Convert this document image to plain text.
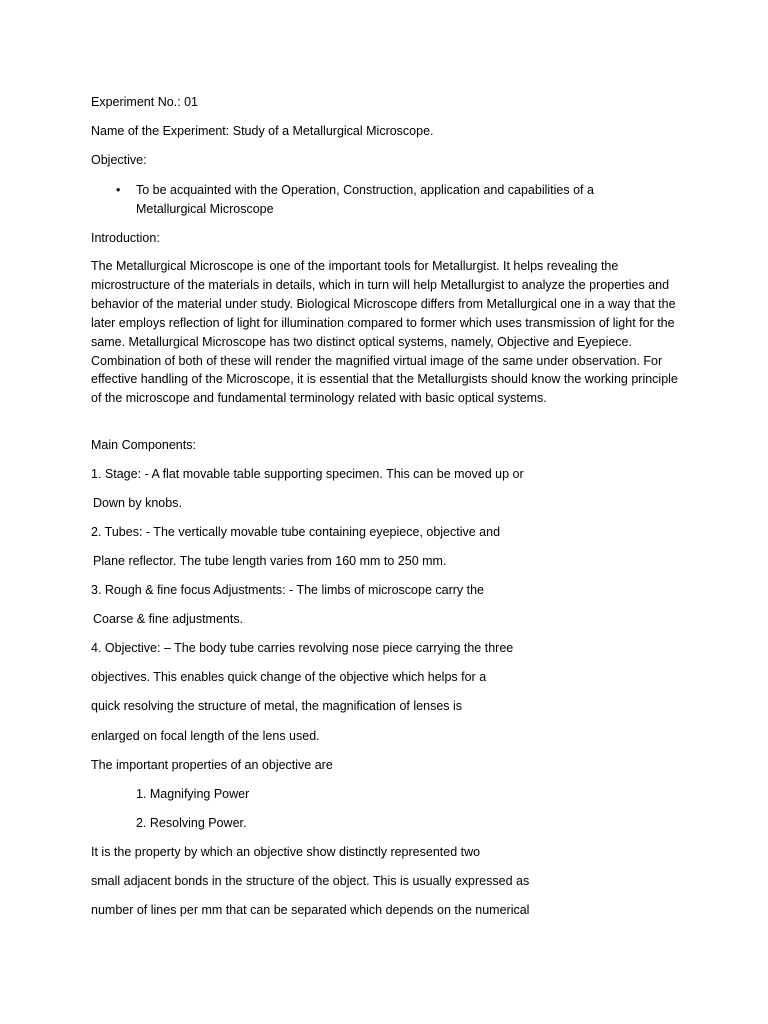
Experiment No.: 01

Name of the Experiment: Study of a Metallurgical Microscope.

Objective:

• To be acquainted with the Operation, Construction, application and capabilities of a Metallurgical Microscope

Introduction:

The Metallurgical Microscope is one of the important tools for Metallurgist. It helps revealing the microstructure of the materials in details, which in turn will help Metallurgist to analyze the properties and behavior of the material under study. Biological Microscope differs from Metallurgical one in a way that the later employs reflection of light for illumination compared to former which uses transmission of light for the same. Metallurgical Microscope has two distinct optical systems, namely, Objective and Eyepiece. Combination of both of these will render the magnified virtual image of the same under observation. For effective handling of the Microscope, it is essential that the Metallurgists should know the working principle of the microscope and fundamental terminology related with basic optical systems.

Main Components:

1. Stage: - A flat movable table supporting specimen. This can be moved up or

Down by knobs.

2. Tubes: - The vertically movable tube containing eyepiece, objective and

Plane reflector. The tube length varies from 160 mm to 250 mm.

3. Rough & fine focus Adjustments: - The limbs of microscope carry the

Coarse & fine adjustments.

4. Objective: – The body tube carries revolving nose piece carrying the three

objectives. This enables quick change of the objective which helps for a

quick resolving the structure of metal, the magnification of lenses is

enlarged on focal length of the lens used.

The important properties of an objective are

1. Magnifying Power

2. Resolving Power.

It is the property by which an objective show distinctly represented two

small adjacent bonds in the structure of the object. This is usually expressed as

number of lines per mm that can be separated which depends on the numerical
